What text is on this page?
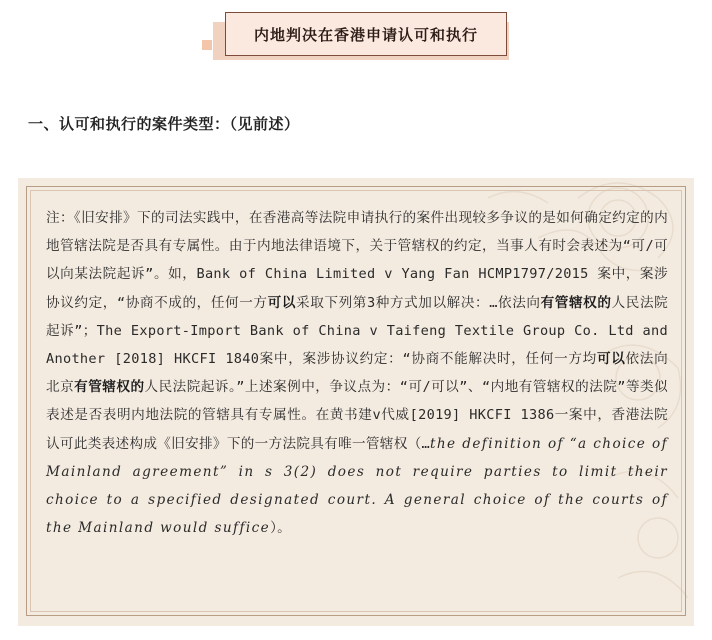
内地判决在香港申请认可和执行
一、认可和执行的案件类型：（见前述）
注：《旧安排》下的司法实践中，在香港高等法院申请执行的案件出现较多争议的是如何确定约定的内地管辖法院是否具有专属性。由于内地法律语境下，关于管辖权的约定，当事人有时会表述为“可/可以向某法院起诉”。如，Bank of China Limited v Yang Fan HCMP1797/2015 案中，案涉协议约定，“协商不成的，任何一方可以采取下列第3种方式加以解决：…依法向有管辖权的人民法院起诉”；The Export-Import Bank of China v Taifeng Textile Group Co. Ltd and Another [2018] HKCFI 1840案中，案涉协议约定：“协商不能解决时，任何一方均可以依法向北京有管辖权的人民法院起诉。”上述案例中，争议点为：“可/可以”、“内地有管辖权的法院”等类似表述是否表明内地法院的管辖具有专属性。在黄书建v代威[2019] HKCFI 1386一案中，香港法院认可此类表述构成《旧安排》下的一方法院具有唯一管辖权（…the definition of “a choice of Mainland agreement” in s 3(2) does not require parties to limit their choice to a specified designated court. A general choice of the courts of the Mainland would suffice）。
